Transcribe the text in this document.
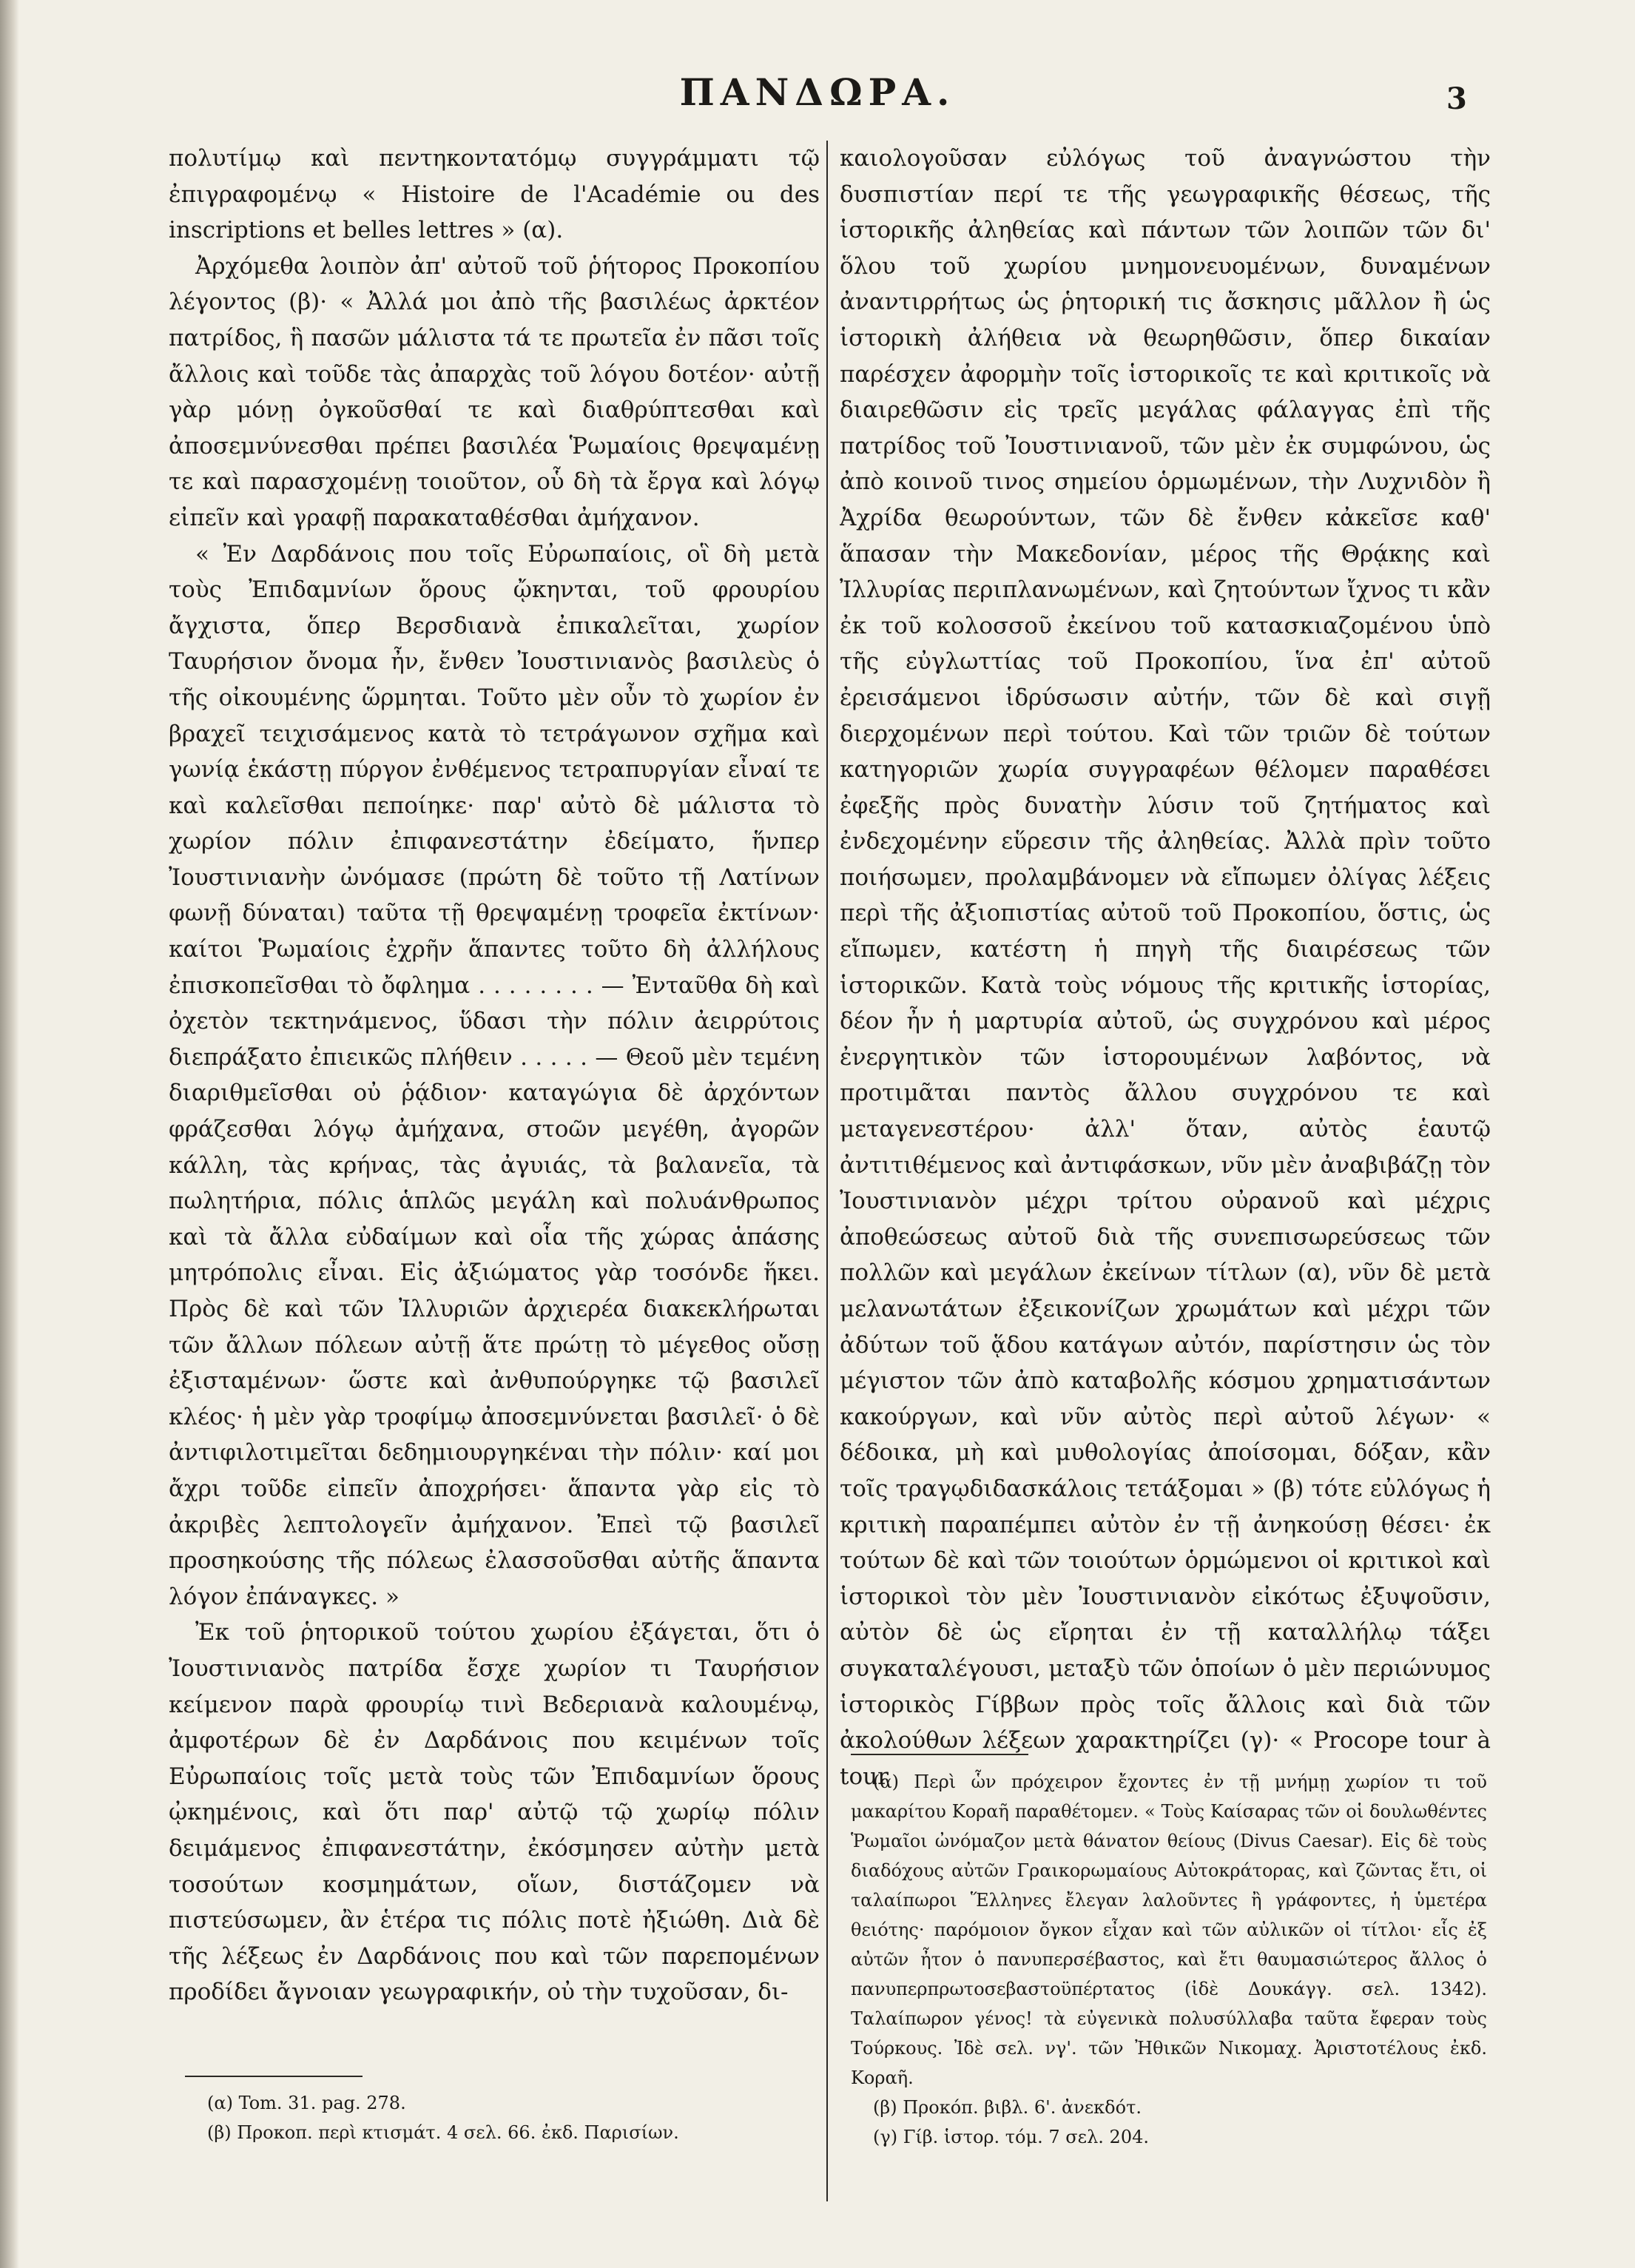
ΠΑΝΔΩΡΑ.	3

πολυτίμῳ καὶ πεντηκοντατόμῳ συγγράμματι τῷ ἐπιγραφομένῳ « Histoire de l'Académie ou des inscriptions et belles lettres » (α).

Ἀρχόμεθα λοιπὸν ἀπ' αὐτοῦ τοῦ ῥήτορος Προκοπίου λέγοντος (β)· « Ἀλλά μοι ἀπὸ τῆς βασιλέως ἀρκτέον πατρίδος, ἣ πασῶν μάλιστα τά τε πρωτεῖα ἐν πᾶσι τοῖς ἄλλοις καὶ τοῦδε τὰς ἀπαρχὰς τοῦ λόγου δοτέον· αὐτῇ γὰρ μόνῃ ὀγκοῦσθαί τε καὶ διαθρύπτεσθαι καὶ ἀποσεμνύνεσθαι πρέπει βασιλέα Ῥωμαίοις θρεψαμένῃ τε καὶ παρασχομένῃ τοιοῦτον, οὗ δὴ τὰ ἔργα καὶ λόγῳ εἰπεῖν καὶ γραφῇ παρακαταθέσθαι ἀμήχανον.

« Ἐν Δαρδάνοις που τοῖς Εὐρωπαίοις, οἳ δὴ μετὰ τοὺς Ἐπιδαμνίων ὅρους ᾤκηνται, τοῦ φρουρίου ἄγχιστα, ὅπερ Βερσδιανὰ ἐπικαλεῖται, χωρίον Ταυρήσιον ὄνομα ἦν, ἔνθεν Ἰουστινιανὸς βασιλεὺς ὁ τῆς οἰκουμένης ὥρμηται. Τοῦτο μὲν οὖν τὸ χωρίον ἐν βραχεῖ τειχισάμενος κατὰ τὸ τετράγωνον σχῆμα καὶ γωνίᾳ ἑκάστῃ πύργον ἐνθέμενος τετραπυργίαν εἶναί τε καὶ καλεῖσθαι πεποίηκε· παρ' αὐτὸ δὲ μάλιστα τὸ χωρίον πόλιν ἐπιφανεστάτην ἐδείματο, ἥνπερ Ἰουστινιανὴν ὠνόμασε (πρώτη δὲ τοῦτο τῇ Λατίνων φωνῇ δύναται) ταῦτα τῇ θρεψαμένῃ τροφεῖα ἐκτίνων· καίτοι Ῥωμαίοις ἐχρῆν ἅπαντες τοῦτο δὴ ἀλλήλους ἐπισκοπεῖσθαι τὸ ὄφλημα . . . . . . . . — Ἐνταῦθα δὴ καὶ ὀχετὸν τεκτηνάμενος, ὕδασι τὴν πόλιν ἀειρρύτοις διεπράξατο ἐπιεικῶς πλήθειν . . . . . — Θεοῦ μὲν τεμένη διαριθμεῖσθαι οὐ ῥᾴδιον· καταγώγια δὲ ἀρχόντων φράζεσθαι λόγῳ ἀμήχανα, στοῶν μεγέθη, ἀγορῶν κάλλη, τὰς κρήνας, τὰς ἀγυιάς, τὰ βαλανεῖα, τὰ πωλητήρια, πόλις ἁπλῶς μεγάλη καὶ πολυάνθρωπος καὶ τὰ ἄλλα εὐδαίμων καὶ οἷα τῆς χώρας ἁπάσης μητρόπολις εἶναι. Εἰς ἀξιώματος γὰρ τοσόνδε ἥκει. Πρὸς δὲ καὶ τῶν Ἰλλυριῶν ἀρχιερέα διακεκλήρωται τῶν ἄλλων πόλεων αὐτῇ ἅτε πρώτῃ τὸ μέγεθος οὔσῃ ἐξισταμένων· ὥστε καὶ ἀνθυπούργηκε τῷ βασιλεῖ κλέος· ἡ μὲν γὰρ τροφίμῳ ἀποσεμνύνεται βασιλεῖ· ὁ δὲ ἀντιφιλοτιμεῖται δεδημιουργηκέναι τὴν πόλιν· καί μοι ἄχρι τοῦδε εἰπεῖν ἀποχρήσει· ἅπαντα γὰρ εἰς τὸ ἀκριβὲς λεπτολογεῖν ἀμήχανον. Ἐπεὶ τῷ βασιλεῖ προσηκούσης τῆς πόλεως ἐλασσοῦσθαι αὐτῆς ἅπαντα λόγον ἐπάναγκες. »

Ἐκ τοῦ ῥητορικοῦ τούτου χωρίου ἐξάγεται, ὅτι ὁ Ἰουστινιανὸς πατρίδα ἔσχε χωρίον τι Ταυρήσιον κείμενον παρὰ φρουρίῳ τινὶ Βεδεριανὰ καλουμένῳ, ἀμφοτέρων δὲ ἐν Δαρδάνοις που κειμένων τοῖς Εὐρωπαίοις τοῖς μετὰ τοὺς τῶν Ἐπιδαμνίων ὅρους ᾠκημένοις, καὶ ὅτι παρ' αὐτῷ τῷ χωρίῳ πόλιν δειμάμενος ἐπιφανεστάτην, ἐκόσμησεν αὐτὴν μετὰ τοσούτων κοσμημάτων, οἵων, διστάζομεν νὰ πιστεύσωμεν, ἂν ἑτέρα τις πόλις ποτὲ ἠξιώθη. Διὰ δὲ τῆς λέξεως ἐν Δαρδάνοις που καὶ τῶν παρεπομένων προδίδει ἄγνοιαν γεωγραφικήν, οὐ τὴν τυχοῦσαν, δι-

καιολογοῦσαν εὐλόγως τοῦ ἀναγνώστου τὴν δυσπιστίαν περί τε τῆς γεωγραφικῆς θέσεως, τῆς ἱστορικῆς ἀληθείας καὶ πάντων τῶν λοιπῶν τῶν δι' ὅλου τοῦ χωρίου μνημονευομένων, δυναμένων ἀναντιρρήτως ὡς ῥητορική τις ἄσκησις μᾶλλον ἢ ὡς ἱστορικὴ ἀλήθεια νὰ θεωρηθῶσιν, ὅπερ δικαίαν παρέσχεν ἀφορμὴν τοῖς ἱστορικοῖς τε καὶ κριτικοῖς νὰ διαιρεθῶσιν εἰς τρεῖς μεγάλας φάλαγγας ἐπὶ τῆς πατρίδος τοῦ Ἰουστινιανοῦ, τῶν μὲν ἐκ συμφώνου, ὡς ἀπὸ κοινοῦ τινος σημείου ὁρμωμένων, τὴν Λυχνιδὸν ἢ Ἀχρίδα θεωρούντων, τῶν δὲ ἔνθεν κἀκεῖσε καθ' ἅπασαν τὴν Μακεδονίαν, μέρος τῆς Θρᾴκης καὶ Ἰλλυρίας περιπλανωμένων, καὶ ζητούντων ἴχνος τι κἂν ἐκ τοῦ κολοσσοῦ ἐκείνου τοῦ κατασκιαζομένου ὑπὸ τῆς εὐγλωττίας τοῦ Προκοπίου, ἵνα ἐπ' αὐτοῦ ἐρεισάμενοι ἱδρύσωσιν αὐτήν, τῶν δὲ καὶ σιγῇ διερχομένων περὶ τούτου. Καὶ τῶν τριῶν δὲ τούτων κατηγοριῶν χωρία συγγραφέων θέλομεν παραθέσει ἐφεξῆς πρὸς δυνατὴν λύσιν τοῦ ζητήματος καὶ ἐνδεχομένην εὕρεσιν τῆς ἀληθείας. Ἀλλὰ πρὶν τοῦτο ποιήσωμεν, προλαμβάνομεν νὰ εἴπωμεν ὀλίγας λέξεις περὶ τῆς ἀξιοπιστίας αὐτοῦ τοῦ Προκοπίου, ὅστις, ὡς εἴπωμεν, κατέστη ἡ πηγὴ τῆς διαιρέσεως τῶν ἱστορικῶν. Κατὰ τοὺς νόμους τῆς κριτικῆς ἱστορίας, δέον ἦν ἡ μαρτυρία αὐτοῦ, ὡς συγχρόνου καὶ μέρος ἐνεργητικὸν τῶν ἱστορουμένων λαβόντος, νὰ προτιμᾶται παντὸς ἄλλου συγχρόνου τε καὶ μεταγενεστέρου· ἀλλ' ὅταν, αὐτὸς ἑαυτῷ ἀντιτιθέμενος καὶ ἀντιφάσκων, νῦν μὲν ἀναβιβάζῃ τὸν Ἰουστινιανὸν μέχρι τρίτου οὐρανοῦ καὶ μέχρις ἀποθεώσεως αὐτοῦ διὰ τῆς συνεπισωρεύσεως τῶν πολλῶν καὶ μεγάλων ἐκείνων τίτλων (α), νῦν δὲ μετὰ μελανωτάτων ἐξεικονίζων χρωμάτων καὶ μέχρι τῶν ἀδύτων τοῦ ᾅδου κατάγων αὐτόν, παρίστησιν ὡς τὸν μέγιστον τῶν ἀπὸ καταβολῆς κόσμου χρηματισάντων κακούργων, καὶ νῦν αὐτὸς περὶ αὐτοῦ λέγων· « δέδοικα, μὴ καὶ μυθολογίας ἀποίσομαι, δόξαν, κἂν τοῖς τραγῳδιδασκάλοις τετάξομαι » (β) τότε εὐλόγως ἡ κριτικὴ παραπέμπει αὐτὸν ἐν τῇ ἀνηκούσῃ θέσει· ἐκ τούτων δὲ καὶ τῶν τοιούτων ὁρμώμενοι οἱ κριτικοὶ καὶ ἱστορικοὶ τὸν μὲν Ἰουστινιανὸν εἰκότως ἐξυψοῦσιν, αὐτὸν δὲ ὡς εἴρηται ἐν τῇ καταλλήλῳ τάξει συγκαταλέγουσι, μεταξὺ τῶν ὁποίων ὁ μὲν περιώνυμος ἱστορικὸς Γίββων πρὸς τοῖς ἄλλοις καὶ διὰ τῶν ἀκολούθων λέξεων χαρακτηρίζει (γ)· « Procope tour à tour

(α) Tom. 31. pag. 278.

(β) Προκοπ. περὶ κτισμάτ. 4 σελ. 66. ἐκδ. Παρισίων.

(α) Περὶ ὧν πρόχειρον ἔχοντες ἐν τῇ μνήμῃ χωρίον τι τοῦ μακαρίτου Κοραῆ παραθέτομεν. « Τοὺς Καίσαρας τῶν οἱ δουλωθέντες Ῥωμαῖοι ὠνόμαζον μετὰ θάνατον θείους (Divus Caesar). Εἰς δὲ τοὺς διαδόχους αὐτῶν Γραικορωμαίους Αὐτοκράτορας, καὶ ζῶντας ἔτι, οἱ ταλαίπωροι Ἕλληνες ἔλεγαν λαλοῦντες ἢ γράφοντες, ἡ ὑμετέρα θειότης· παρόμοιον ὄγκον εἶχαν καὶ τῶν αὐλικῶν οἱ τίτλοι· εἷς ἐξ αὐτῶν ἦτον ὁ πανυπερσέβαστος, καὶ ἔτι θαυμασιώτερος ἄλλος ὁ πανυπερπρωτοσεβαστοϋπέρτατος (ἰδὲ Δουκάγγ. σελ. 1342). Ταλαίπωρον γένος! τὰ εὐγενικὰ πολυσύλλαβα ταῦτα ἔφεραν τοὺς Τούρκους. Ἰδὲ σελ. νγ'. τῶν Ἠθικῶν Νικομαχ. Ἀριστοτέλους ἐκδ. Κοραῆ.

(β) Προκόπ. βιβλ. 6'. ἀνεκδότ.

(γ) Γίβ. ἱστορ. τόμ. 7 σελ. 204.
